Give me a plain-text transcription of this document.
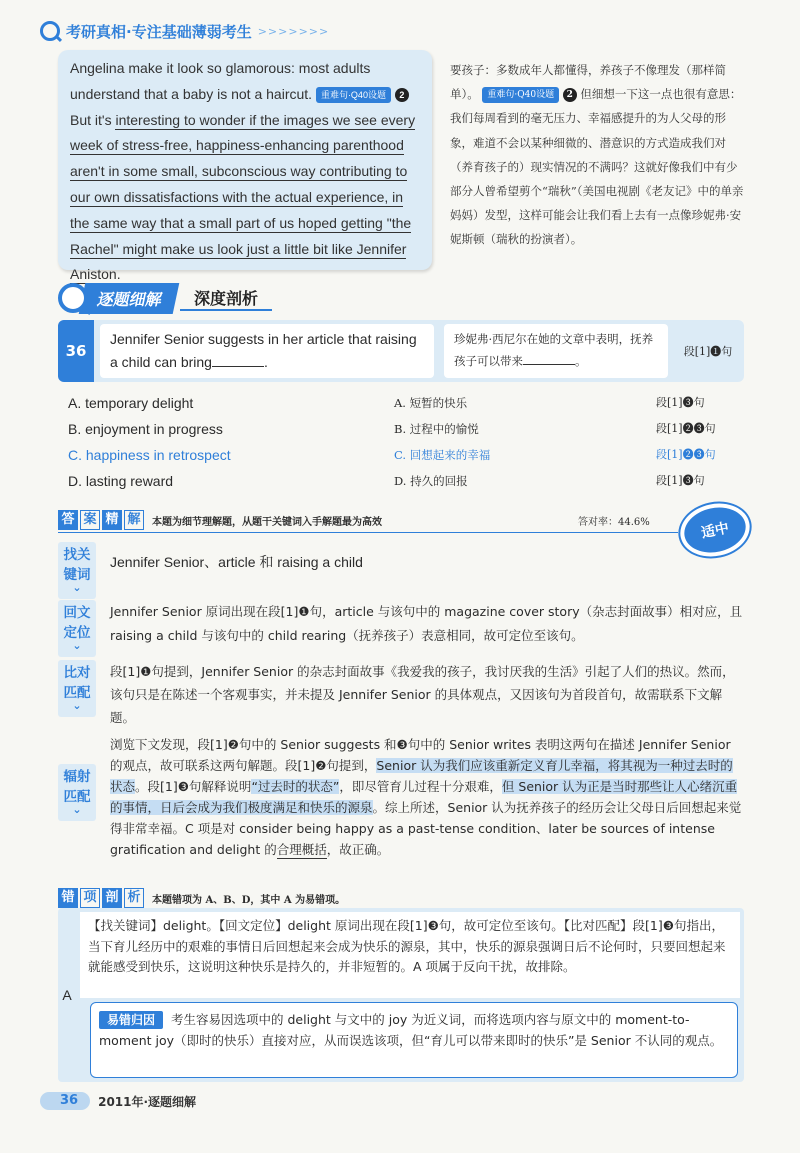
考研真相·专注基础薄弱考生 >>>>>>>

Angelina make it look so glamorous: most adults understand that a baby is not a haircut. 重难句·Q40设题 2 But it's interesting to wonder if the images we see every week of stress-free, happiness-enhancing parenthood aren't in some small, subconscious way contributing to our own dissatisfactions with the actual experience, in the same way that a small part of us hoped getting "the Rachel" might make us look just a little bit like Jennifer Aniston.

要孩子：多数成年人都懂得，养孩子不像理发（那样简单）。 重难句·Q40设题 2 但细想一下这一点也很有意思：我们每周看到的毫无压力、幸福感提升的为人父母的形象，难道不会以某种细微的、潜意识的方式造成我们对（养育孩子的）现实情况的不满吗？这就好像我们中有少部分人曾希望剪个“瑞秋”（美国电视剧《老友记》中的单亲妈妈）发型，这样可能会让我们看上去有一点像珍妮弗·安妮斯顿（瑞秋的扮演者）。
逐题细解	深度剖析
36
Jennifer Senior suggests in her article that raising a child can bring	.
珍妮弗·西尼尔在她的文章中表明，抚养孩子可以带来	。
段[1]❶句
A. temporary delight	A. 短暂的快乐	段[1]❸句
B. enjoyment in progress	B. 过程中的愉悦	段[1]❷❸句
C. happiness in retrospect	C. 回想起来的幸福	段[1]❷❸句
D. lasting reward	D. 持久的回报	段[1]❸句
答 案 精 解	本题为细节理解题，从题干关键词入手解题最为高效	答对率：44.6%	适中
找关键词 ⌄
Jennifer Senior、article 和 raising a child
回文定位 ⌄
Jennifer Senior 原词出现在段[1]❶句，article 与该句中的 magazine cover story（杂志封面故事）相对应，且 raising a child 与该句中的 child rearing（抚养孩子）表意相同，故可定位至该句。
比对匹配 ⌄
段[1]❶句提到，Jennifer Senior 的杂志封面故事《我爱我的孩子，我讨厌我的生活》引起了人们的热议。然而，该句只是在陈述一个客观事实，并未提及 Jennifer Senior 的具体观点，又因该句为首段首句，故需联系下文解题。
辐射匹配 ⌄
浏览下文发现，段[1]❷句中的 Senior suggests 和❸句中的 Senior writes 表明这两句在描述 Jennifer Senior 的观点，故可联系这两句解题。段[1]❷句提到，Senior 认为我们应该重新定义育儿幸福，将其视为一种过去时的状态。段[1]❸句解释说明“过去时的状态”，即尽管育儿过程十分艰难，但 Senior 认为正是当时那些让人心绪沉重的事情，日后会成为我们极度满足和快乐的源泉。综上所述，Senior 认为抚养孩子的经历会让父母日后回想起来觉得非常幸福。C 项是对 consider being happy as a past-tense condition、later be sources of intense gratification and delight 的合理概括，故正确。
错 项 剖 析	本题错项为 A、B、D，其中 A 为易错项。
A
【找关键词】delight。【回文定位】delight 原词出现在段[1]❸句，故可定位至该句。【比对匹配】段[1]❸句指出，当下育儿经历中的艰难的事情日后回想起来会成为快乐的源泉，其中，快乐的源泉强调日后不论何时，只要回想起来就能感受到快乐，这说明这种快乐是持久的，并非短暂的。A 项属于反向干扰，故排除。
易错归因 考生容易因选项中的 delight 与文中的 joy 为近义词，而将选项内容与原文中的 moment-to-moment joy（即时的快乐）直接对应，从而误选该项，但“育儿可以带来即时的快乐”是 Senior 不认同的观点。
36	2011年·逐题细解
